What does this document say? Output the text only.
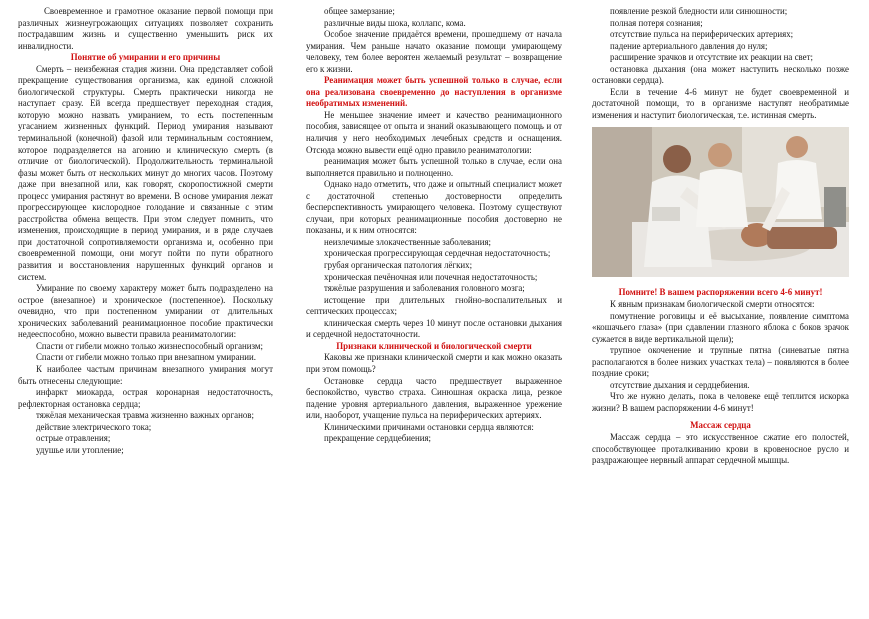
Своевременное и грамотное оказание первой помощи при различных жизнеугрожающих ситуациях позволяет сохранить пострадавшим жизнь и существенно уменьшить риск их инвалидности.

Понятие об умирании и его причины

Смерть – неизбежная стадия жизни. Она представляет собой прекращение существования организма, как единой сложной биологической структуры. Смерть практически никогда не наступает сразу. Ей всегда предшествует переходная стадия, которую можно назвать умиранием, то есть постепенным угасанием жизненных функций. Период умирания называют терминальной (конечной) фазой или терминальным состоянием, которое подразделяется на агонию и клиническую смерть (в отличие от биологической). Продолжительность терминальной фазы может быть от нескольких минут до многих часов. Поэтому даже при внезапной или, как говорят, скоропостижной смерти процесс умирания растянут во времени. В основе умирания лежат прогрессирующее кислородное голодание и связанные с этим расстройства обмена веществ. При этом следует помнить, что изменения, происходящие в период умирания, и в ряде случаев при достаточной сопротивляемости организма и, особенно при своевременной помощи, они могут пойти по пути обратного развития и восстановления нарушенных функций органов и систем.

Умирание по своему характеру может быть подразделено на острое (внезапное) и хроническое (постепенное). Поскольку очевидно, что при постепенном умирании от длительных хронических заболеваний реанимационное пособие практически недееспособно, можно вывести правила реаниматологии:

Спасти от гибели можно только жизнеспособный организм;

Спасти от гибели можно только при внезапном умирании.

К наиболее частым причинам внезапного умирания могут быть отнесены следующие:

инфаркт миокарда, острая коронарная недостаточность, рефлекторная остановка сердца;

тяжёлая механическая травма жизненно важных органов;

действие электрического тока;

острые отравления;

удушье или утопление;

общее замерзание;

различные виды шока, коллапс, кома.

Особое значение придаётся времени, прошедшему от начала умирания. Чем раньше начато оказание помощи умирающему человеку, тем более вероятен желаемый результат – возвращение его к жизни.

Реанимация может быть успешной только в случае, если она реализована своевременно до наступления в организме необратимых изменений.

Не меньшее значение имеет и качество реанимационного пособия, зависящее от опыта и знаний оказывающего помощь и от наличия у него необходимых лечебных средств и оснащения. Отсюда можно вывести ещё одно правило реаниматологии:

реанимация может быть успешной только в случае, если она выполняется правильно и полноценно.

Однако надо отметить, что даже и опытный специалист может с достаточной степенью достоверности определить бесперспективность умирающего человека. Поэтому существуют случаи, при которых реанимационные пособия достоверно не показаны, и к ним относятся:

неизлечимые злокачественные заболевания;

хроническая прогрессирующая сердечная недостаточность;

грубая органическая патология лёгких;

хроническая печёночная или почечная недостаточность;

тяжёлые разрушения и заболевания головного мозга;

истощение при длительных гнойно-воспалительных и септических процессах;

клиническая смерть через 10 минут после остановки дыхания и сердечной недостаточности.

Признаки клинической и биологической смерти

Каковы же признаки клинической смерти и как можно оказать при этом помощь?

Остановке сердца часто предшествует выраженное беспокойство, чувство страха. Синюшная окраска лица, резкое падение уровня артериального давления, выраженное урежение или, наоборот, учащение пульса на периферических артериях.

Клиническими причинами остановки сердца являются:

прекращение сердцебиения;

появление резкой бледности или синюшности;

полная потеря сознания;

отсутствие пульса на периферических артериях;

падение артериального давления до нуля;

расширение зрачков и отсутствие их реакции на свет;

остановка дыхания (она может наступить несколько позже остановки сердца).

Если в течение 4-6 минут не будет своевременной и достаточной помощи, то в организме наступят необратимые изменения и наступит биологическая, т.е. истинная смерть.

Помните! В вашем распоряжении всего 4-6 минут!

К явным признакам биологической смерти относятся:

помутнение роговицы и её высыхание, появление симптома «кошачьего глаза» (при сдавлении глазного яблока с боков зрачок сужается в виде вертикальной щели);

трупное окоченение и трупные пятна (синеватые пятна располагаются в более низких участках тела) – появляются в более поздние сроки;

отсутствие дыхания и сердцебиения.

Что же нужно делать, пока в человеке ещё теплится искорка жизни? В вашем распоряжении 4-6 минут!

Массаж сердца

Массаж сердца – это искусственное сжатие его полостей, способствующее проталкиванию крови в кровеносное русло и раздражающее нервный аппарат сердечной мышцы.
